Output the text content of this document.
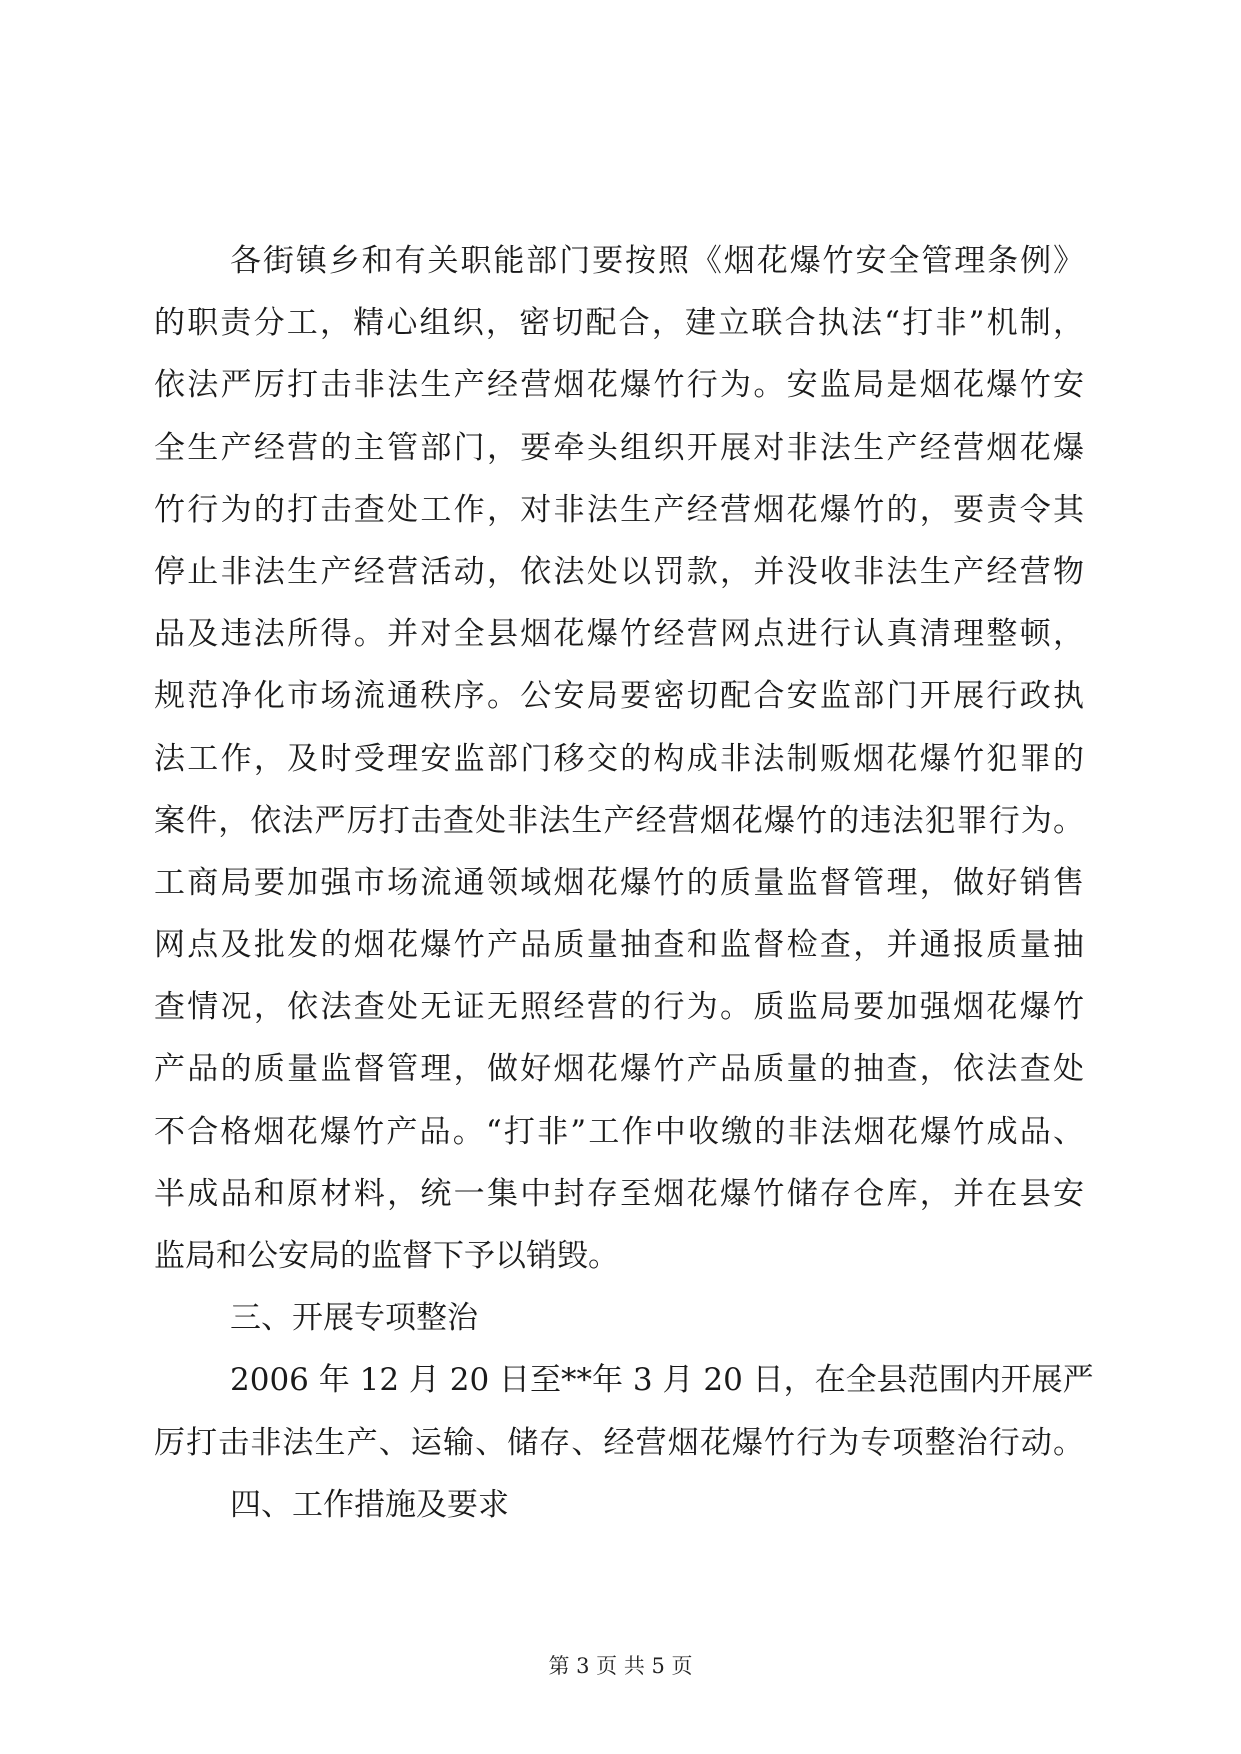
各街镇乡和有关职能部门要按照《烟花爆竹安全管理条例》
的职责分工，精心组织，密切配合，建立联合执法“打非”机制，
依法严厉打击非法生产经营烟花爆竹行为。安监局是烟花爆竹安
全生产经营的主管部门，要牵头组织开展对非法生产经营烟花爆
竹行为的打击查处工作，对非法生产经营烟花爆竹的，要责令其
停止非法生产经营活动，依法处以罚款，并没收非法生产经营物
品及违法所得。并对全县烟花爆竹经营网点进行认真清理整顿，
规范净化市场流通秩序。公安局要密切配合安监部门开展行政执
法工作，及时受理安监部门移交的构成非法制贩烟花爆竹犯罪的
案件，依法严厉打击查处非法生产经营烟花爆竹的违法犯罪行为。
工商局要加强市场流通领域烟花爆竹的质量监督管理，做好销售
网点及批发的烟花爆竹产品质量抽查和监督检查，并通报质量抽
查情况，依法查处无证无照经营的行为。质监局要加强烟花爆竹
产品的质量监督管理，做好烟花爆竹产品质量的抽查，依法查处
不合格烟花爆竹产品。“打非”工作中收缴的非法烟花爆竹成品、
半成品和原材料，统一集中封存至烟花爆竹储存仓库，并在县安
监局和公安局的监督下予以销毁。
三、开展专项整治
2006 年 12 月 20 日至**年 3 月 20 日，在全县范围内开展严
厉打击非法生产、运输、储存、经营烟花爆竹行为专项整治行动。
四、工作措施及要求
第 3 页 共 5 页
